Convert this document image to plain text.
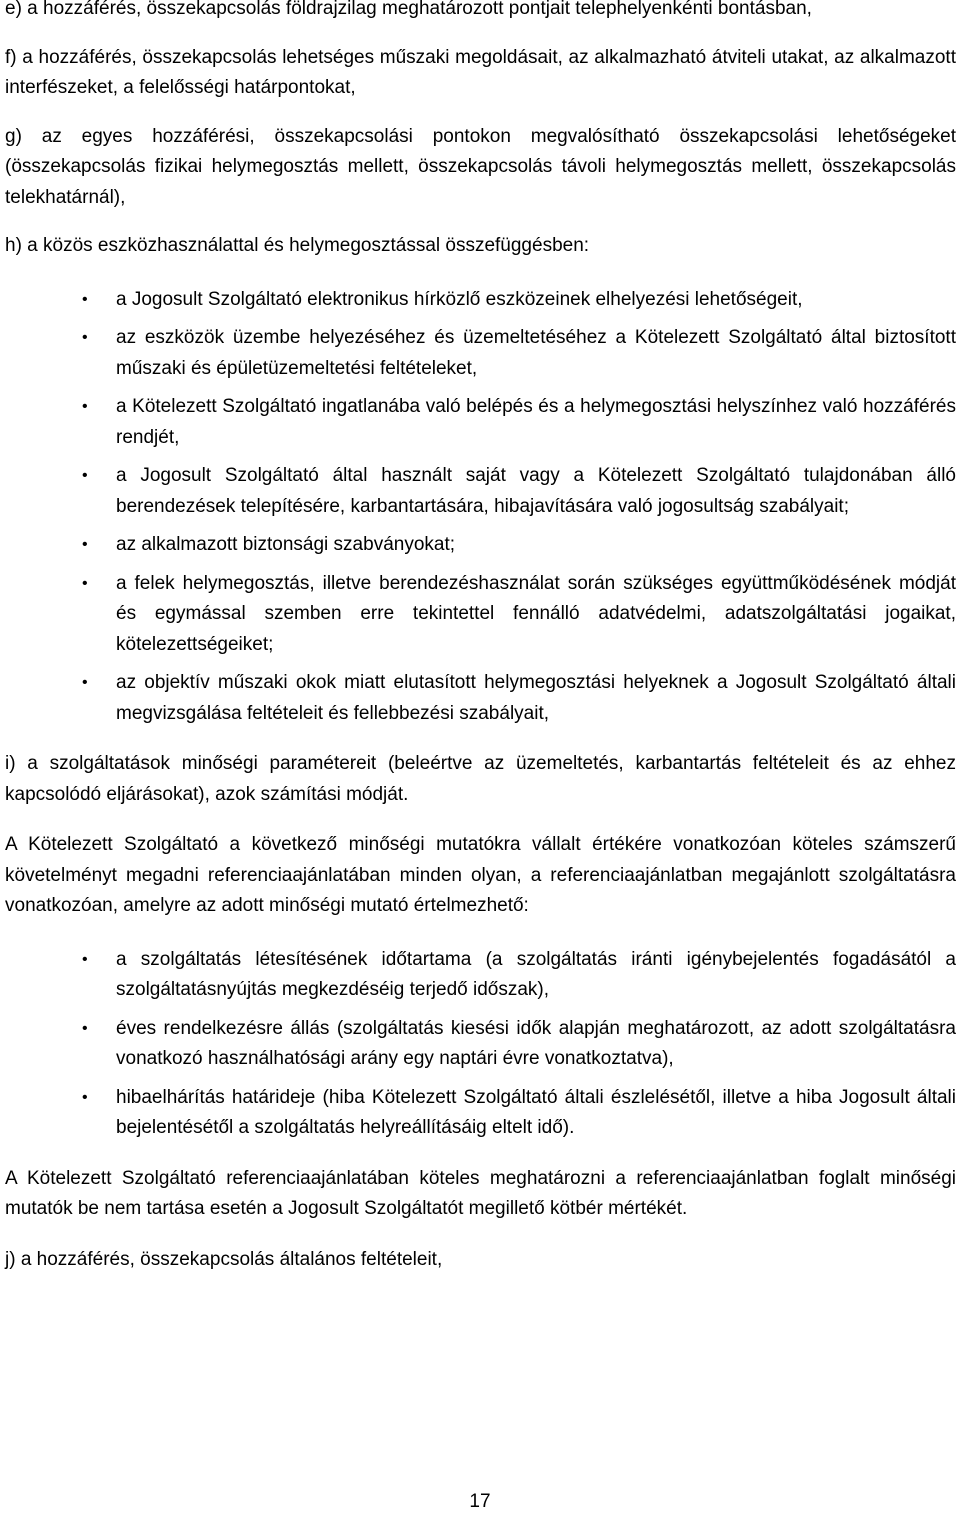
e) a hozzáférés, összekapcsolás földrajzilag meghatározott pontjait telephelyenkénti bontásban,

f) a hozzáférés, összekapcsolás lehetséges műszaki megoldásait, az alkalmazható átviteli utakat, az alkalmazott interfészeket, a felelősségi határpontokat,

g) az egyes hozzáférési, összekapcsolási pontokon megvalósítható összekapcsolási lehetőségeket (összekapcsolás fizikai helymegosztás mellett, összekapcsolás távoli helymegosztás mellett, összekapcsolás telekhatárnál),

h) a közös eszközhasználattal és helymegosztással összefüggésben:

• a Jogosult Szolgáltató elektronikus hírközlő eszközeinek elhelyezési lehetőségeit,
• az eszközök üzembe helyezéséhez és üzemeltetéséhez a Kötelezett Szolgáltató által biztosított műszaki és épületüzemeltetési feltételeket,
• a Kötelezett Szolgáltató ingatlanába való belépés és a helymegosztási helyszínhez való hozzáférés rendjét,
• a Jogosult Szolgáltató által használt saját vagy a Kötelezett Szolgáltató tulajdonában álló berendezések telepítésére, karbantartására, hibajavítására való jogosultság szabályait;
• az alkalmazott biztonsági szabványokat;
• a felek helymegosztás, illetve berendezéshasználat során szükséges együttműködésének módját és egymással szemben erre tekintettel fennálló adatvédelmi, adatszolgáltatási jogaikat, kötelezettségeiket;
• az objektív műszaki okok miatt elutasított helymegosztási helyeknek a Jogosult Szolgáltató általi megvizsgálása feltételeit és fellebbezési szabályait,

i) a szolgáltatások minőségi paramétereit (beleértve az üzemeltetés, karbantartás feltételeit és az ehhez kapcsolódó eljárásokat), azok számítási módját.

A Kötelezett Szolgáltató a következő minőségi mutatókra vállalt értékére vonatkozóan köteles számszerű követelményt megadni referenciaajánlatában minden olyan, a referenciaajánlatban megajánlott szolgáltatásra vonatkozóan, amelyre az adott minőségi mutató értelmezhető:

• a szolgáltatás létesítésének időtartama (a szolgáltatás iránti igénybejelentés fogadásától a szolgáltatásnyújtás megkezdéséig terjedő időszak),
• éves rendelkezésre állás (szolgáltatás kiesési idők alapján meghatározott, az adott szolgáltatásra vonatkozó használhatósági arány egy naptári évre vonatkoztatva),
• hibaelhárítás határideje (hiba Kötelezett Szolgáltató általi észlelésétől, illetve a hiba Jogosult általi bejelentésétől a szolgáltatás helyreállításáig eltelt idő).

A Kötelezett Szolgáltató referenciaajánlatában köteles meghatározni a referenciaajánlatban foglalt minőségi mutatók be nem tartása esetén a Jogosult Szolgáltatót megillető kötbér mértékét.

j) a hozzáférés, összekapcsolás általános feltételeit,

17
